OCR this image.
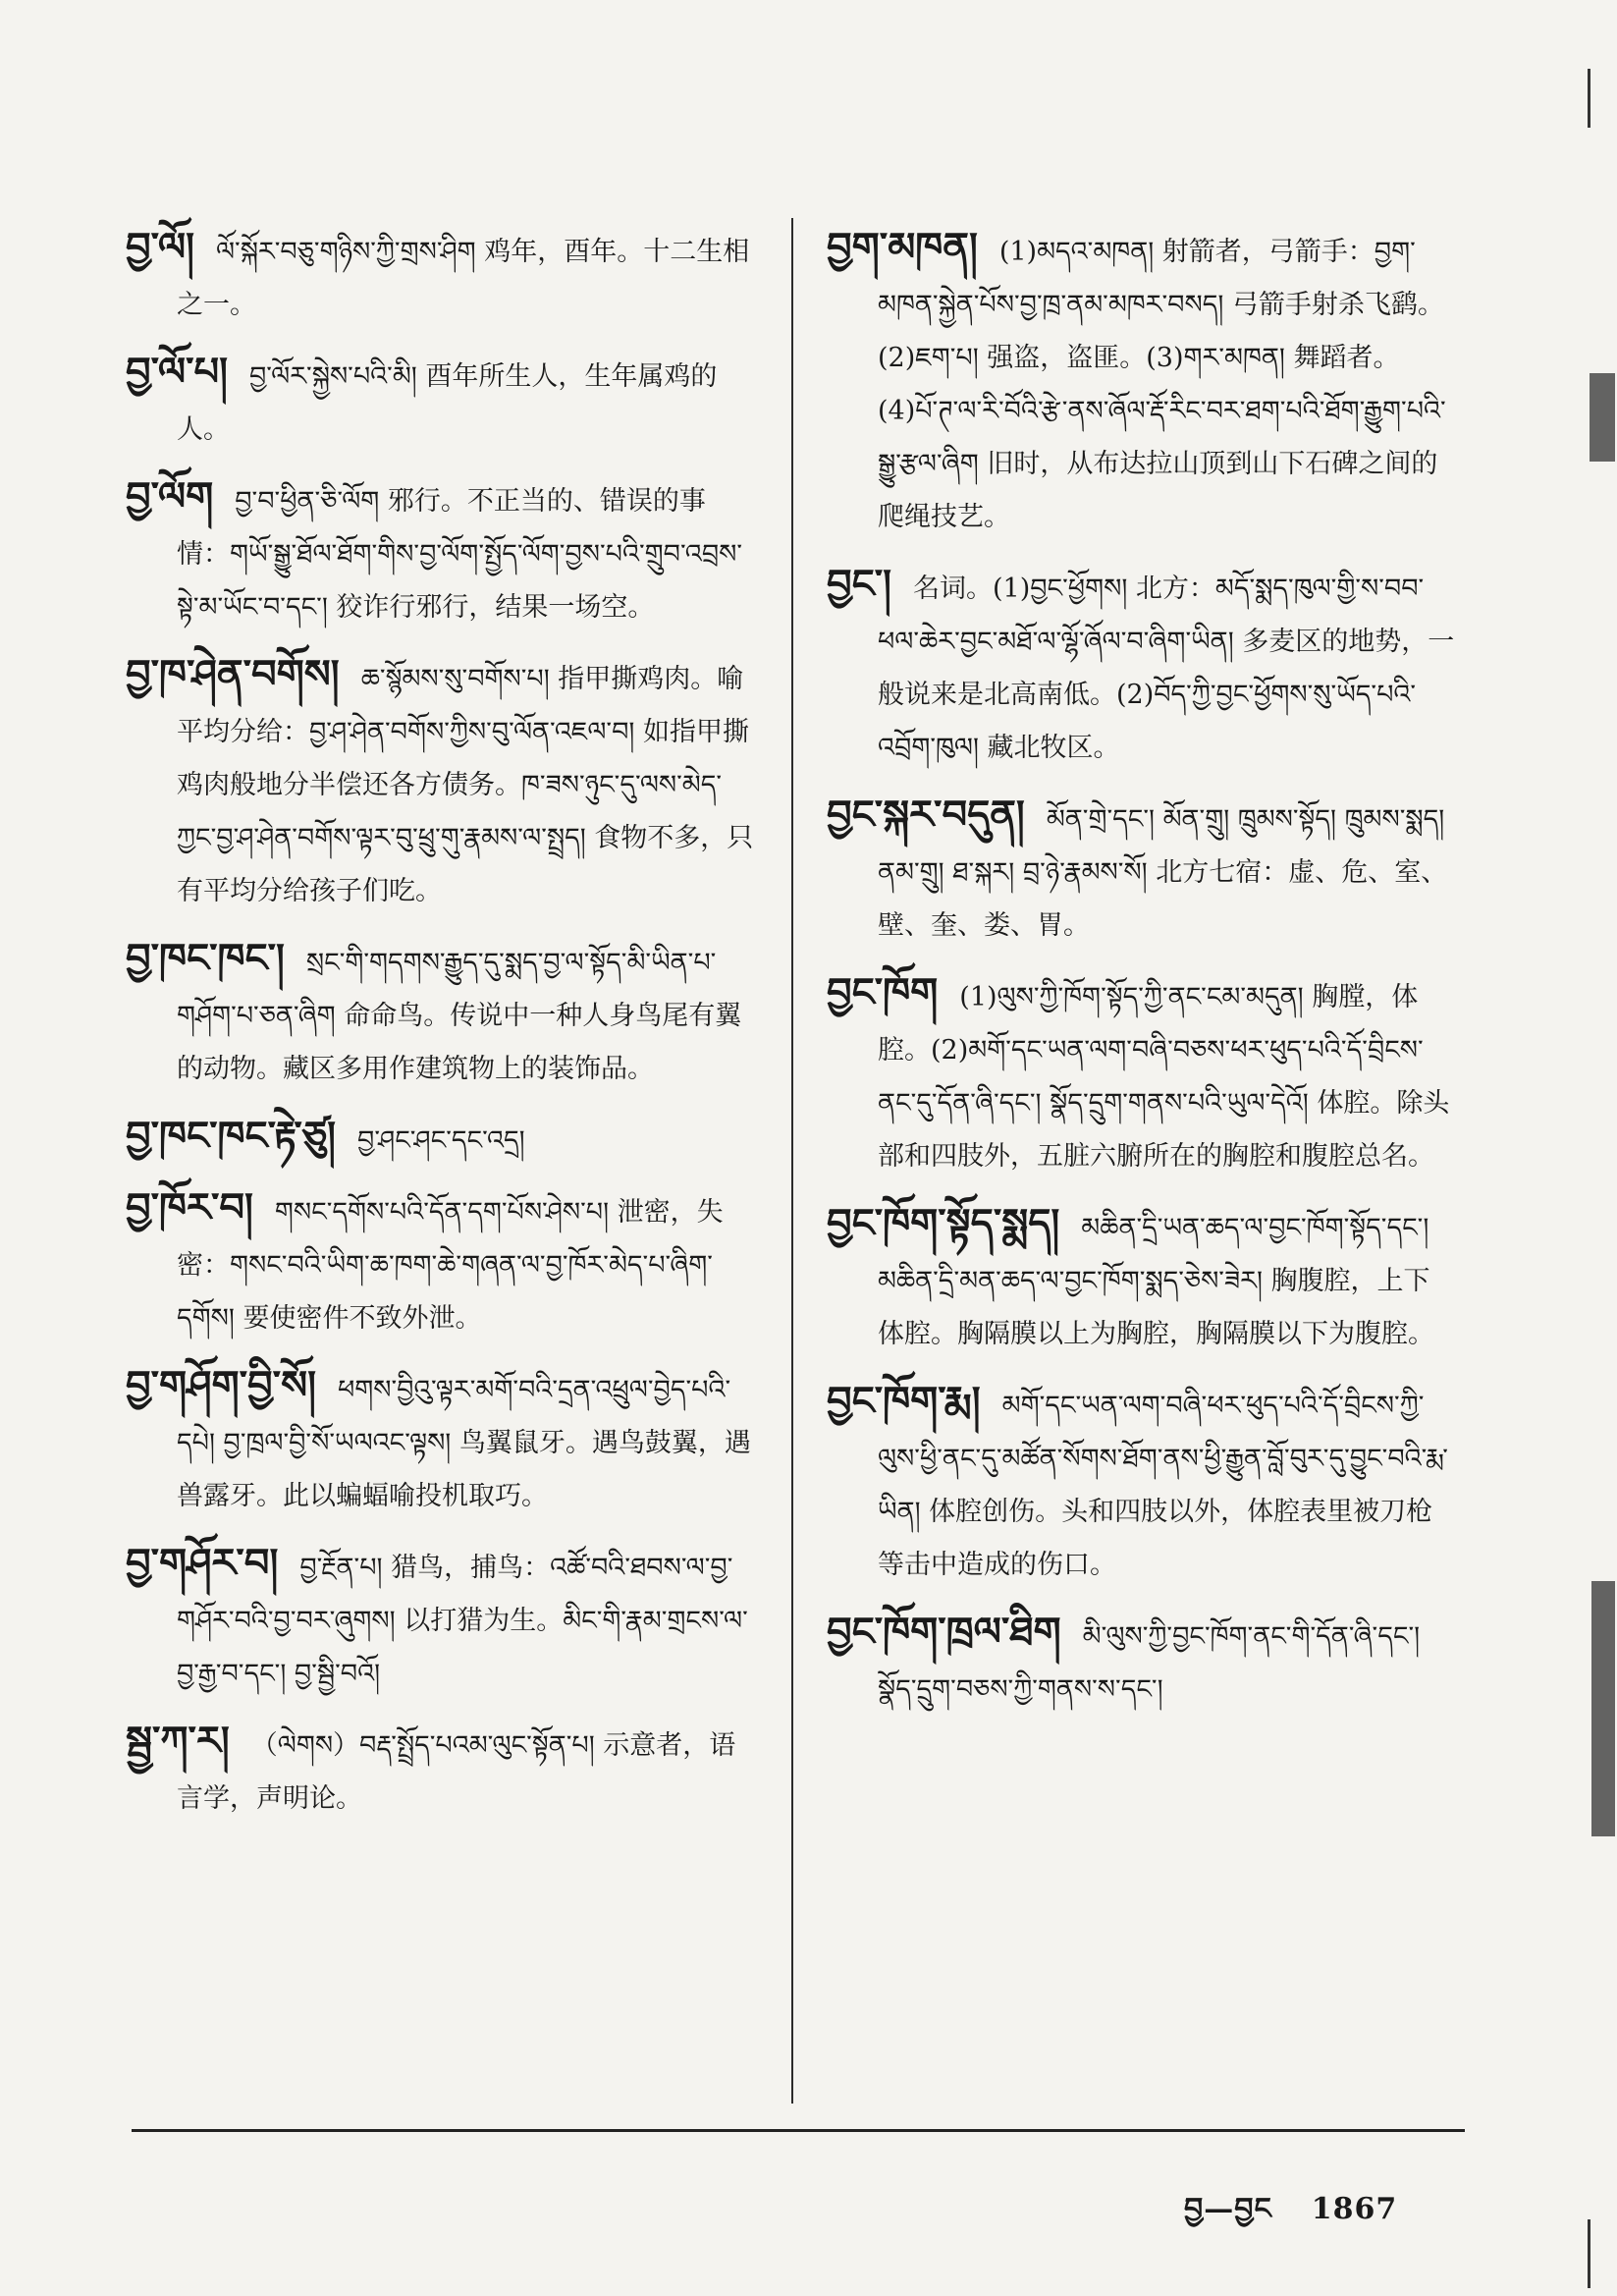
བྱ་ལོ། ལོ་སྐོར་བཅུ་གཉིས་ཀྱི་གྲས་ཤིག 鸡年，酉年。十二生相之一。
བྱ་ལོ་པ། བྱ་ལོར་སྐྱེས་པའི་མི། 酉年所生人，生年属鸡的人。
བྱ་ལོག བྱ་བ་ཕྱིན་ཅི་ལོག 邪行。不正当的、错误的事情：གཡོ་སྒྱུ་ཐོལ་ཐོག་གིས་བྱ་ལོག་སྤྱོད་ལོག་བྱས་པའི་གྲུབ་འབྲས་སྟེ་མ་ཡོང་བ་དང་། 狡诈行邪行，结果一场空。
བྱ་ཁ་ཤེན་བགོས། ཆ་སྙོམས་སུ་བགོས་པ། 指甲撕鸡肉。喻平均分给：བྱ་ཤ་ཤེན་བགོས་ཀྱིས་བུ་ལོན་འཇལ་བ། 如指甲撕鸡肉般地分半偿还各方债务。ཁ་ཟས་ཉུང་དུ་ལས་མེད་ཀྱང་བྱ་ཤ་ཤེན་བགོས་ལྟར་བུ་ཕྲུ་གུ་རྣམས་ལ་སྤྲད། 食物不多，只有平均分给孩子们吃。
བྱ་ཁང་ཁང་། སྲང་གི་གདགས་རྒྱུད་དུ་སྨད་བྱ་ལ་སྟོད་མི་ཡིན་པ་གཤོག་པ་ཅན་ཞིག 命命鸟。传说中一种人身鸟尾有翼的动物。藏区多用作建筑物上的装饰品。
བྱ་ཁང་ཁང་རྟེ་ཙུ། བྱ་ཤང་ཤང་དང་འདྲ།
བྱ་ཁོར་བ། གསང་དགོས་པའི་དོན་དག་པོས་ཤེས་པ། 泄密，失密：གསང་བའི་ཡིག་ཆ་ཁག་ཆེ་གཞན་ལ་བྱ་ཁོར་མེད་པ་ཞིག་དགོས། 要使密件不致外泄。
བྱ་གཤོག་བྱི་སོ། ཕགས་བྱིའུ་ལྟར་མགོ་བའི་དྲན་འཕྲུལ་བྱེད་པའི་དཔེ། བྱ་ཁྲལ་བྱི་སོ་ཡལའང་ལྟས། 鸟翼鼠牙。遇鸟鼓翼，遇兽露牙。此以蝙蝠喻投机取巧。
བྱ་གཤོར་བ། བྱ་རྔོན་པ། 猎鸟，捕鸟：འཚོ་བའི་ཐབས་ལ་བྱ་གཤོར་བའི་བྱ་བར་ཞུགས། 以打猎为生。མིང་གི་རྣམ་གྲངས་ལ་བྱ་རྒྱ་བ་དང་། བྱ་སྦྱི་བའོ།
སྦྱ་ཀ་ར། （ལེགས）བརྡ་སྤྲོད་པའམ་ལུང་སྟོན་པ། 示意者，语言学，声明论。
བྱག་མཁན། (1)མདའ་མཁན། 射箭者，弓箭手：བྱག་མཁན་སྐྱེན་པོས་བྱ་ཁྲ་ནམ་མཁར་བསད། 弓箭手射杀飞鹞。(2)ཇག་པ། 强盗，盗匪。(3)གར་མཁན། 舞蹈者。(4)པོ་ཊ་ལ་རི་བོའི་རྩེ་ནས་ཞོལ་རྡོ་རིང་བར་ཐག་པའི་ཐོག་རྒྱུག་པའི་སྒྱུ་རྩལ་ཞིག 旧时，从布达拉山顶到山下石碑之间的爬绳技艺。
བྱང་། 名词。(1)བྱང་ཕྱོགས། 北方：མདོ་སྨད་ཁུལ་གྱི་ས་བབ་ཕལ་ཆེར་བྱང་མཐོ་ལ་ལྷོ་ཞོལ་བ་ཞིག་ཡིན། 多麦区的地势，一般说来是北高南低。(2)བོད་ཀྱི་བྱང་ཕྱོགས་སུ་ཡོད་པའི་འབྲོག་ཁུལ། 藏北牧区。
བྱང་སྐར་བདུན། མོན་གྲེ་དང་། མོན་གྲུ། ཁྲུམས་སྟོད། ཁྲུམས་སྨད། ནམ་གྲུ། ཐ་སྐར། བྲ་ཉེ་རྣམས་སོ། 北方七宿：虚、危、室、壁、奎、娄、胃。
བྱང་ཁོག (1)ལུས་ཀྱི་ཁོག་སྟོད་ཀྱི་ནང་ངམ་མདུན། 胸膛，体腔。(2)མགོ་དང་ཡན་ལག་བཞི་བཅས་ཕར་ཕུད་པའི་དོ་བྲིངས་ནང་དུ་དོན་ཞི་དང་། སྣོད་དྲུག་གནས་པའི་ཡུལ་དེའོ། 体腔。除头部和四肢外，五脏六腑所在的胸腔和腹腔总名。
བྱང་ཁོག་སྟོད་སྨད། མཆིན་དྲི་ཡན་ཆད་ལ་བྱང་ཁོག་སྟོད་དང་། མཆིན་དྲི་མན་ཆད་ལ་བྱང་ཁོག་སྨད་ཅེས་ཟེར། 胸腹腔，上下体腔。胸隔膜以上为胸腔，胸隔膜以下为腹腔。
བྱང་ཁོག་རྨ། མགོ་དང་ཡན་ལག་བཞི་ཕར་ཕུད་པའི་དོ་བྲིངས་ཀྱི་ལུས་ཕྱི་ནང་དུ་མཚོན་སོགས་ཐོག་ནས་ཕྱི་རྒྱུན་བློ་བུར་དུ་བྱུང་བའི་རྨ་ཡིན། 体腔创伤。头和四肢以外，体腔表里被刀枪等击中造成的伤口。
བྱང་ཁོག་ཁྲལ་ཐིག མི་ལུས་ཀྱི་བྱང་ཁོག་ནང་གི་དོན་ཞི་དང་། སྣོད་དྲུག་བཅས་ཀྱི་གནས་ས་དང་།
བྱ—བྱང 1867
